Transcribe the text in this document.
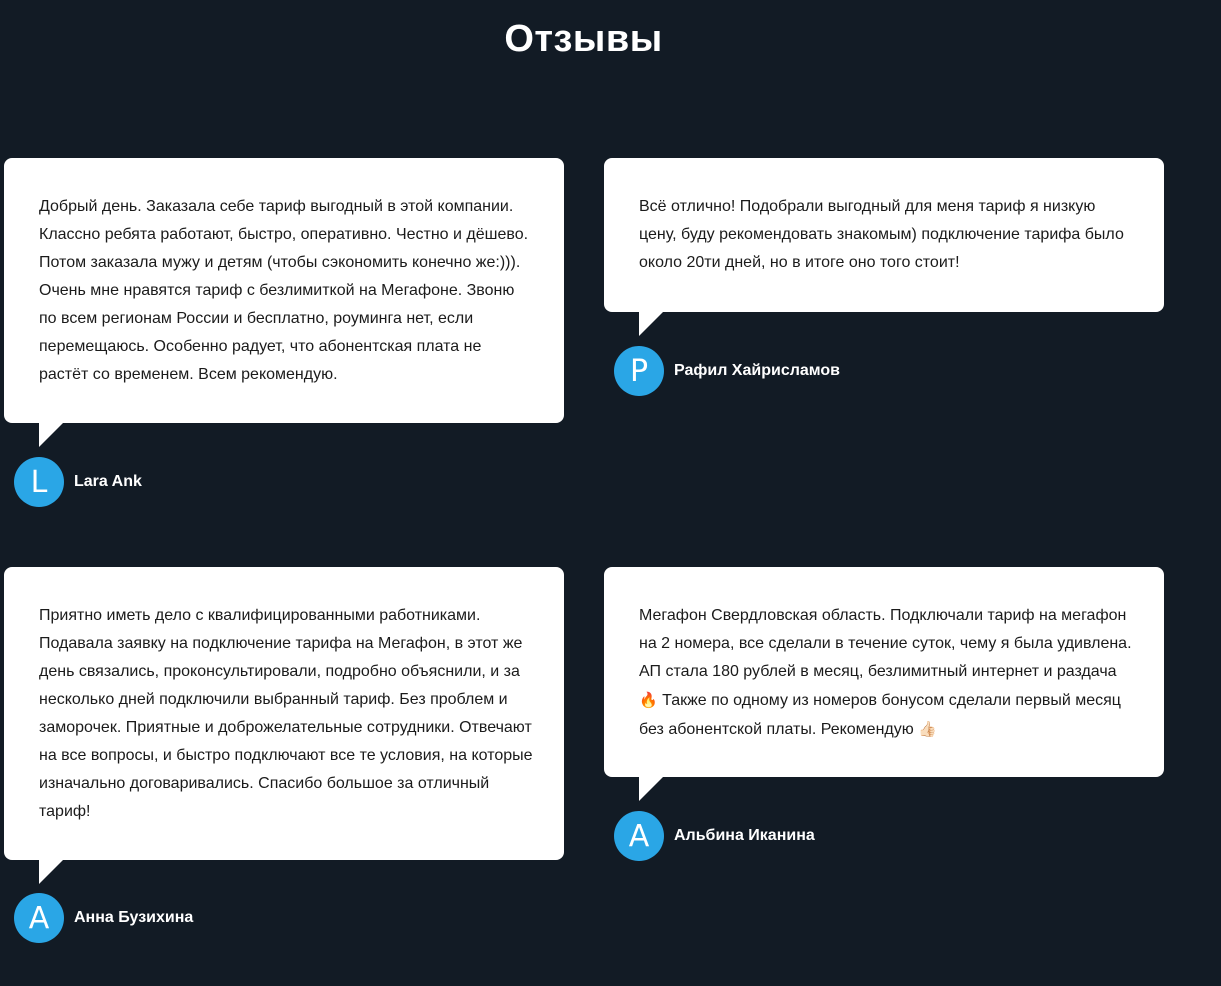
Отзывы
Добрый день. Заказала себе тариф выгодный в этой компании. Классно ребята работают, быстро, оперативно. Честно и дёшево. Потом заказала мужу и детям (чтобы сэкономить конечно же:))). Очень мне нравятся тариф с безлимиткой на Мегафоне. Звоню по всем регионам России и бесплатно, роуминга нет, если перемещаюсь. Особенно радует, что абонентская плата не растёт со временем. Всем рекомендую.
L	Lara Ank
Всё отлично! Подобрали выгодный для меня тариф я низкую цену, буду рекомендовать знакомым) подключение тарифа было около 20ти дней, но в итоге оно того стоит!
Р	Рафил Хайрисламов
Приятно иметь дело с квалифицированными работниками. Подавала заявку на подключение тарифа на Мегафон, в этот же день связались, проконсультировали, подробно объяснили, и за несколько дней подключили выбранный тариф. Без проблем и заморочек. Приятные и доброжелательные сотрудники. Отвечают на все вопросы, и быстро подключают все те условия, на которые изначально договаривались. Спасибо большое за отличный тариф!
А	Анна Бузихина
Мегафон Свердловская область. Подключали тариф на мегафон на 2 номера, все сделали в течение суток, чему я была удивлена. АП стала 180 рублей в месяц, безлимитный интернет и раздача 🔥 Также по одному из номеров бонусом сделали первый месяц без абонентской платы. Рекомендую 👍🏻
А	Альбина Иканина
